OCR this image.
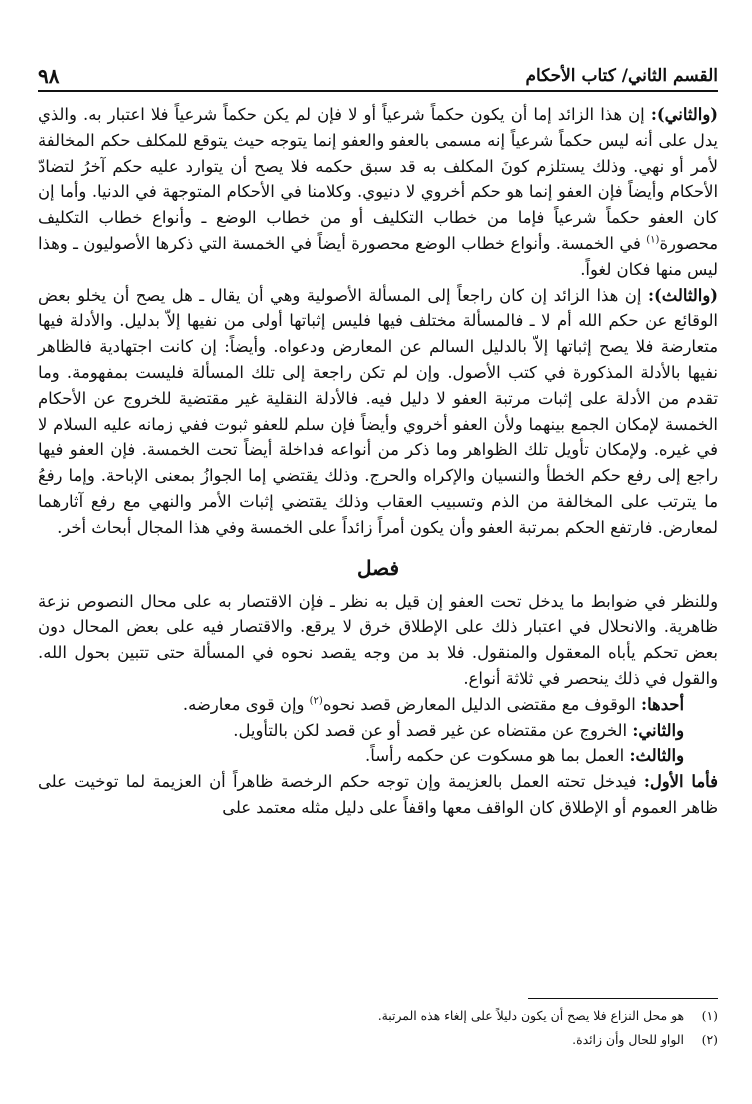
القسم الثاني/ كتاب الأحكام
٩٨

(والثاني): إن هذا الزائد إما أن يكون حكماً شرعياً أو لا فإن لم يكن حكماً شرعياً فلا اعتبار به. والذي يدل على أنه ليس حكماً شرعياً إنه مسمى بالعفو والعفو إنما يتوجه حيث يتوقع للمكلف حكم المخالفة لأمر أو نهي. وذلك يستلزم كونَ المكلف به قد سبق حكمه فلا يصح أن يتوارد عليه حكم آخرُ لتضادّ الأحكام وأيضاً فإن العفو إنما هو حكم أخروي لا دنيوي. وكلامنا في الأحكام المتوجهة في الدنيا. وأما إن كان العفو حكماً شرعياً فإما من خطاب التكليف أو من خطاب الوضع ـ وأنواع خطاب التكليف محصورة$^{(١)}$ في الخمسة. وأنواع خطاب الوضع محصورة أيضاً في الخمسة التي ذكرها الأصوليون ـ وهذا ليس منها فكان لغواً.

(والثالث): إن هذا الزائد إن كان راجعاً إلى المسألة الأصولية وهي أن يقال ـ هل يصح أن يخلو بعض الوقائع عن حكم الله أم لا ـ فالمسألة مختلف فيها فليس إثباتها أولى من نفيها إلاّ بدليل. والأدلة فيها متعارضة فلا يصح إثباتها إلاّ بالدليل السالم عن المعارض ودعواه. وأيضاً: إن كانت اجتهادية فالظاهر نفيها بالأدلة المذكورة في كتب الأصول. وإن لم تكن راجعة إلى تلك المسألة فليست بمفهومة. وما تقدم من الأدلة على إثبات مرتبة العفو لا دليل فيه. فالأدلة النقلية غير مقتضية للخروج عن الأحكام الخمسة لإمكان الجمع بينهما ولأن العفو أخروي وأيضاً فإن سلم للعفو ثبوت ففي زمانه عليه السلام لا في غيره. ولإمكان تأويل تلك الظواهر وما ذكر من أنواعه فداخلة أيضاً تحت الخمسة. فإن العفو فيها راجع إلى رفع حكم الخطأ والنسيان والإكراه والحرج. وذلك يقتضي إما الجوازُ بمعنى الإباحة. وإما رفعُ ما يترتب على المخالفة من الذم وتسبيب العقاب وذلك يقتضي إثبات الأمر والنهي مع رفع آثارهما لمعارض. فارتفع الحكم بمرتبة العفو وأن يكون أمراً زائداً على الخمسة وفي هذا المجال أبحاث أخر.

فصل

وللنظر في ضوابط ما يدخل تحت العفو إن قيل به نظر ـ فإن الاقتصار به على محال النصوص نزعة ظاهرية. والانحلال في اعتبار ذلك على الإطلاق خرق لا يرقع. والاقتصار فيه على بعض المحال دون بعض تحكم يأباه المعقول والمنقول. فلا بد من وجه يقصد نحوه في المسألة حتى تتبين بحول الله. والقول في ذلك ينحصر في ثلاثة أنواع.

أحدها: الوقوف مع مقتضى الدليل المعارض قصد نحوه$^{(٢)}$ وإن قوى معارضه.

والثاني: الخروج عن مقتضاه عن غير قصد أو عن قصد لكن بالتأويل.

والثالث: العمل بما هو مسكوت عن حكمه رأساً.

فأما الأول: فيدخل تحته العمل بالعزيمة وإن توجه حكم الرخصة ظاهراً أن العزيمة لما توخيت على ظاهر العموم أو الإطلاق كان الواقف معها واقفاً على دليل مثله معتمد على

(١)هو محل النزاع فلا يصح أن يكون دليلاً على إلغاء هذه المرتبة.
(٢)الواو للحال وأن زائدة.
